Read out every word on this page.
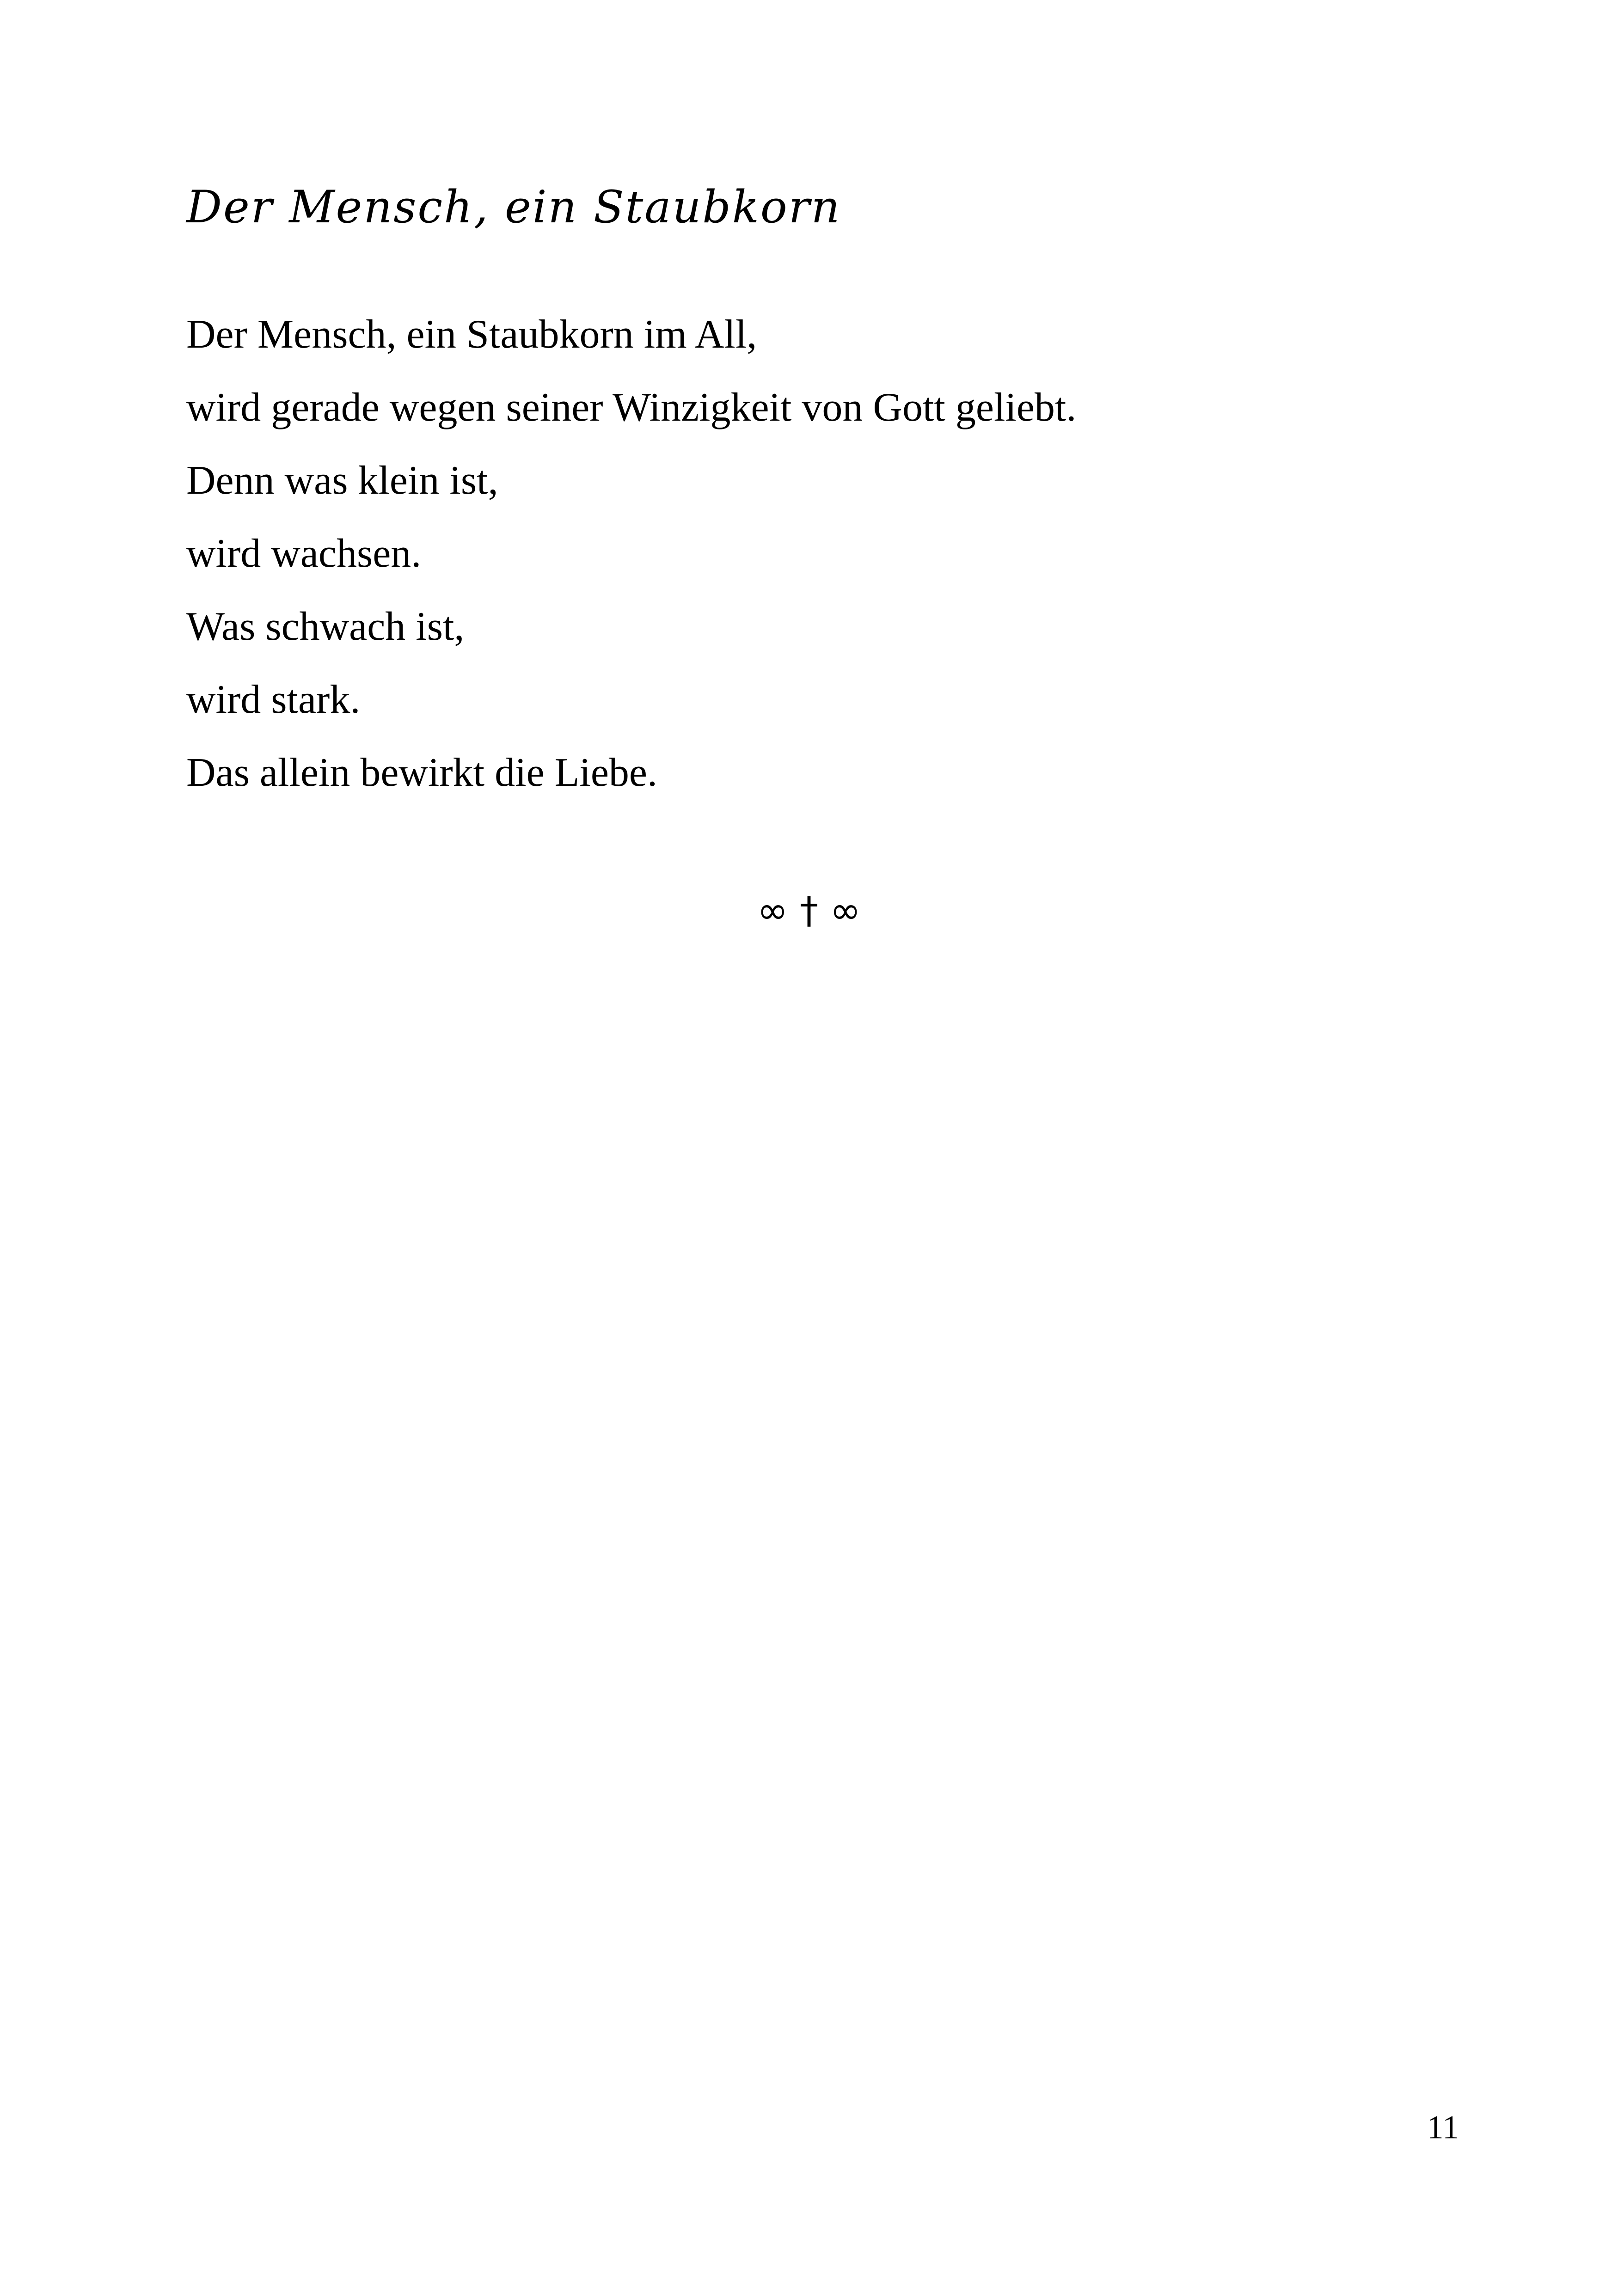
Der Mensch, ein Staubkorn
Der Mensch, ein Staubkorn im All,
wird gerade wegen seiner Winzigkeit von Gott geliebt.
Denn was klein ist,
wird wachsen.
Was schwach ist,
wird stark.
Das allein bewirkt die Liebe.
∞ † ∞
11
